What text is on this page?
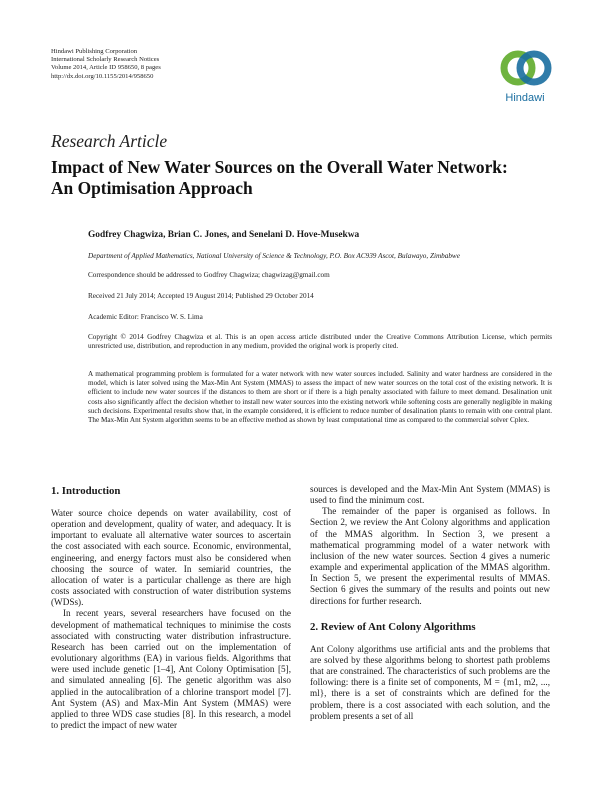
Hindawi Publishing Corporation
International Scholarly Research Notices
Volume 2014, Article ID 958650, 8 pages
http://dx.doi.org/10.1155/2014/958650
Hindawi
Research Article
Impact of New Water Sources on the Overall Water Network:
An Optimisation Approach
Godfrey Chagwiza, Brian C. Jones, and Senelani D. Hove-Musekwa
Department of Applied Mathematics, National University of Science & Technology, P.O. Box AC939 Ascot, Bulawayo, Zimbabwe
Correspondence should be addressed to Godfrey Chagwiza; chagwizag@gmail.com
Received 21 July 2014; Accepted 19 August 2014; Published 29 October 2014
Academic Editor: Francisco W. S. Lima
Copyright © 2014 Godfrey Chagwiza et al. This is an open access article distributed under the Creative Commons Attribution License, which permits unrestricted use, distribution, and reproduction in any medium, provided the original work is properly cited.
A mathematical programming problem is formulated for a water network with new water sources included. Salinity and water hardness are considered in the model, which is later solved using the Max-Min Ant System (MMAS) to assess the impact of new water sources on the total cost of the existing network. It is efficient to include new water sources if the distances to them are short or if there is a high penalty associated with failure to meet demand. Desalination unit costs also significantly affect the decision whether to install new water sources into the existing network while softening costs are generally negligible in making such decisions. Experimental results show that, in the example considered, it is efficient to reduce number of desalination plants to remain with one central plant. The Max-Min Ant System algorithm seems to be an effective method as shown by least computational time as compared to the commercial solver Cplex.
1. Introduction

Water source choice depends on water availability, cost of operation and development, quality of water, and adequacy. It is important to evaluate all alternative water sources to ascertain the cost associated with each source. Economic, environmental, engineering, and energy factors must also be considered when choosing the source of water. In semiarid countries, the allocation of water is a particular challenge as there are high costs associated with construction of water distribution systems (WDSs).

In recent years, several researchers have focused on the development of mathematical techniques to minimise the costs associated with constructing water distribution infrastructure. Research has been carried out on the implementation of evolutionary algorithms (EA) in various fields. Algorithms that were used include genetic [1–4], Ant Colony Optimisation [5], and simulated annealing [6]. The genetic algorithm was also applied in the autocalibration of a chlorine transport model [7]. Ant System (AS) and Max-Min Ant System (MMAS) were applied to three WDS case studies [8]. In this research, a model to predict the impact of new water

sources is developed and the Max-Min Ant System (MMAS) is used to find the minimum cost.

The remainder of the paper is organised as follows. In Section 2, we review the Ant Colony algorithms and application of the MMAS algorithm. In Section 3, we present a mathematical programming model of a water network with inclusion of the new water sources. Section 4 gives a numeric example and experimental application of the MMAS algorithm. In Section 5, we present the experimental results of MMAS. Section 6 gives the summary of the results and points out new directions for further research.

2. Review of Ant Colony Algorithms

Ant Colony algorithms use artificial ants and the problems that are solved by these algorithms belong to shortest path problems that are constrained. The characteristics of such problems are the following: there is a finite set of components, M = {m1, m2, ..., ml}, there is a set of constraints which are defined for the problem, there is a cost associated with each solution, and the problem presents a set of all
